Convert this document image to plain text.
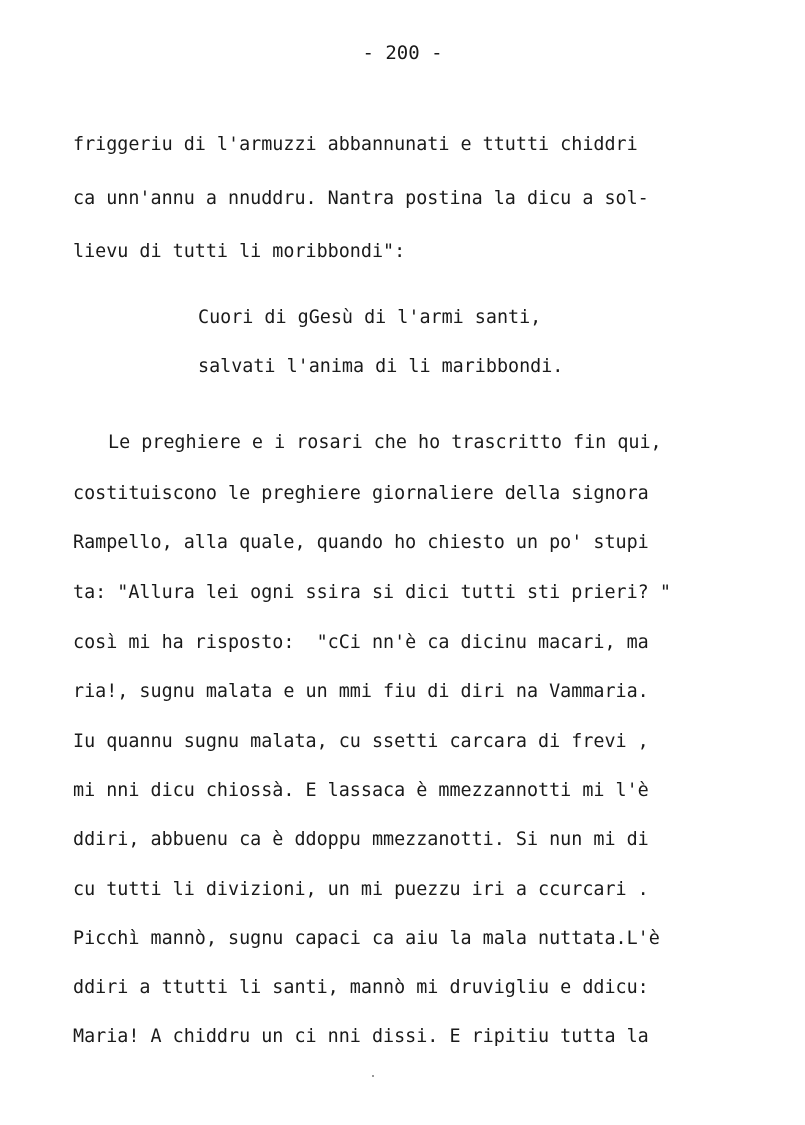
- 200 -

friggeriu di l'armuzzi abbannunati e ttutti chiddri

ca unn'annu a nnuddru. Nantra postina la dicu a sol-

lievu di tutti li moribbondi":

Cuori di gGesù di l'armi santi,

salvati l'anima di li maribbondi.

Le preghiere e i rosari che ho trascritto fin qui,

costituiscono le preghiere giornaliere della signora

Rampello, alla quale, quando ho chiesto un po' stupi

ta: "Allura lei ogni ssira si dici tutti sti prieri? "

così mi ha risposto:  "cCi nn'è ca dicinu macari, ma

ria!, sugnu malata e un mmi fiu di diri na Vammaria.

Iu quannu sugnu malata, cu ssetti carcara di frevi ,

mi nni dicu chiossà. E lassaca è mmezzannotti mi l'è

ddiri, abbuenu ca è ddoppu mmezzanotti. Si nun mi di

cu tutti li divizioni, un mi puezzu iri a ccurcari .

Picchì mannò, sugnu capaci ca aiu la mala nuttata.L'è

ddiri a ttutti li santi, mannò mi druvigliu e ddicu:

Maria! A chiddru un ci nni dissi. E ripitiu tutta la
